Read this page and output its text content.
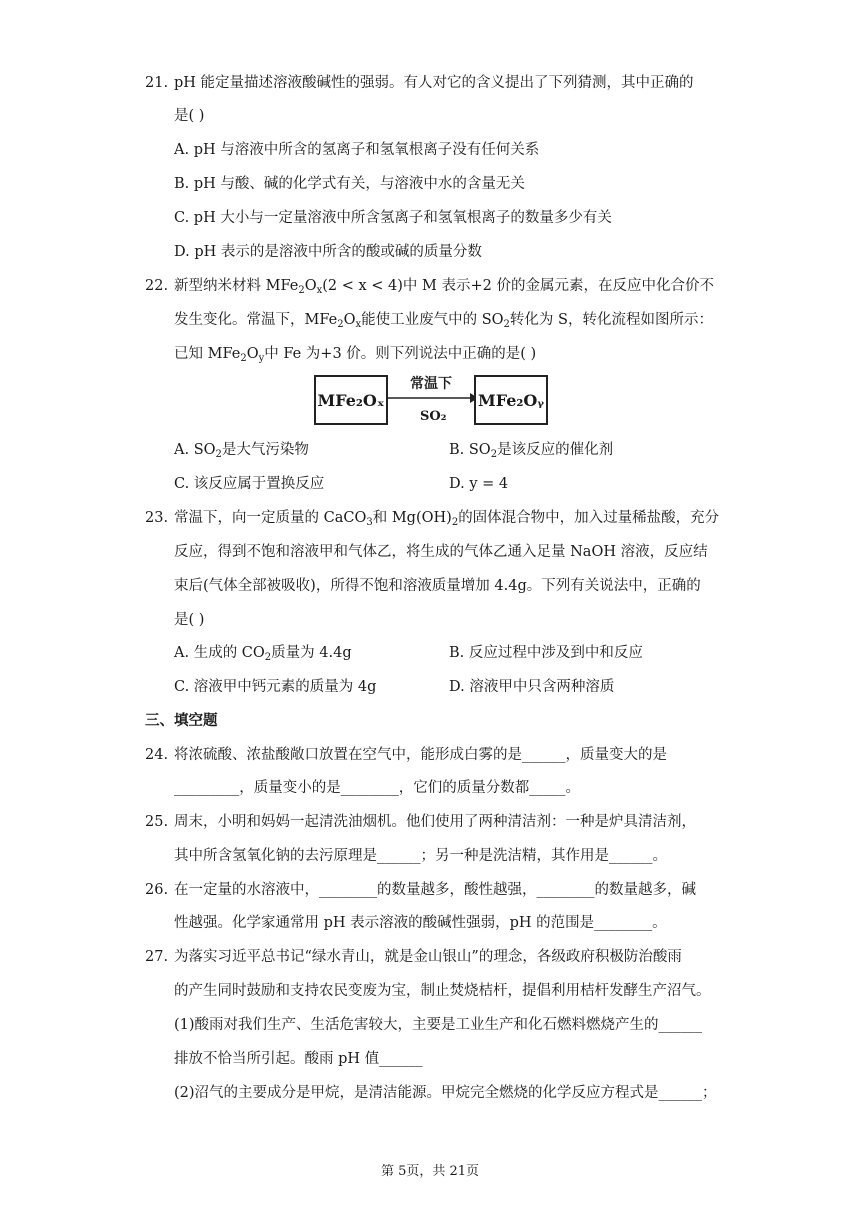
21. pH 能定量描述溶液酸碱性的强弱。有人对它的含义提出了下列猜测，其中正确的
是( )
A. pH 与溶液中所含的氢离子和氢氧根离子没有任何关系
B. pH 与酸、碱的化学式有关，与溶液中水的含量无关
C. pH 大小与一定量溶液中所含氢离子和氢氧根离子的数量多少有关
D. pH 表示的是溶液中所含的酸或碱的质量分数
22. 新型纳米材料 $MFe_2O_x(2 < x < 4)$中 M 表示+2 价的金属元素，在反应中化合价不
发生变化。常温下，$MFe_2O_x$能使工业废气中的 $SO_2$转化为 S，转化流程如图所示：
已知 $MFe_2O_y$中 Fe 为+3 价。则下列说法中正确的是( )
MFe₂Oₓ
常温下
SO₂
MFe₂Oᵧ
A. $SO_2$是大气污染物	B. $SO_2$是该反应的催化剂
C. 该反应属于置换反应	D. y = 4
23. 常温下，向一定质量的 CaCO$_3$和 $Mg(OH)_2$的固体混合物中，加入过量稀盐酸，充分
反应，得到不饱和溶液甲和气体乙，将生成的气体乙通入足量 NaOH 溶液，反应结
束后(气体全部被吸收)，所得不饱和溶液质量增加 4.4g。下列有关说法中，正确的
是( )
A. 生成的 $CO_2$质量为 4.4g	B. 反应过程中涉及到中和反应
C. 溶液甲中钙元素的质量为 4g	D. 溶液甲中只含两种溶质
三、填空题
24. 将浓硫酸、浓盐酸敞口放置在空气中，能形成白雾的是______，质量变大的是
_________，质量变小的是________，它们的质量分数都_____。
25. 周末，小明和妈妈一起清洗油烟机。他们使用了两种清洁剂：一种是炉具清洁剂，
其中所含氢氧化钠的去污原理是______；另一种是洗洁精，其作用是______。
26. 在一定量的水溶液中，________的数量越多，酸性越强，________的数量越多，碱
性越强。化学家通常用 pH 表示溶液的酸碱性强弱，pH 的范围是________。
27. 为落实习近平总书记“绿水青山，就是金山银山”的理念，各级政府积极防治酸雨
的产生同时鼓励和支持农民变废为宝，制止焚烧桔杆，提倡利用桔杆发酵生产沼气。
(1)酸雨对我们生产、生活危害较大，主要是工业生产和化石燃料燃烧产生的______
排放不恰当所引起。酸雨 pH 值______
(2)沼气的主要成分是甲烷，是清洁能源。甲烷完全燃烧的化学反应方程式是______；
第 5页，共 21页
